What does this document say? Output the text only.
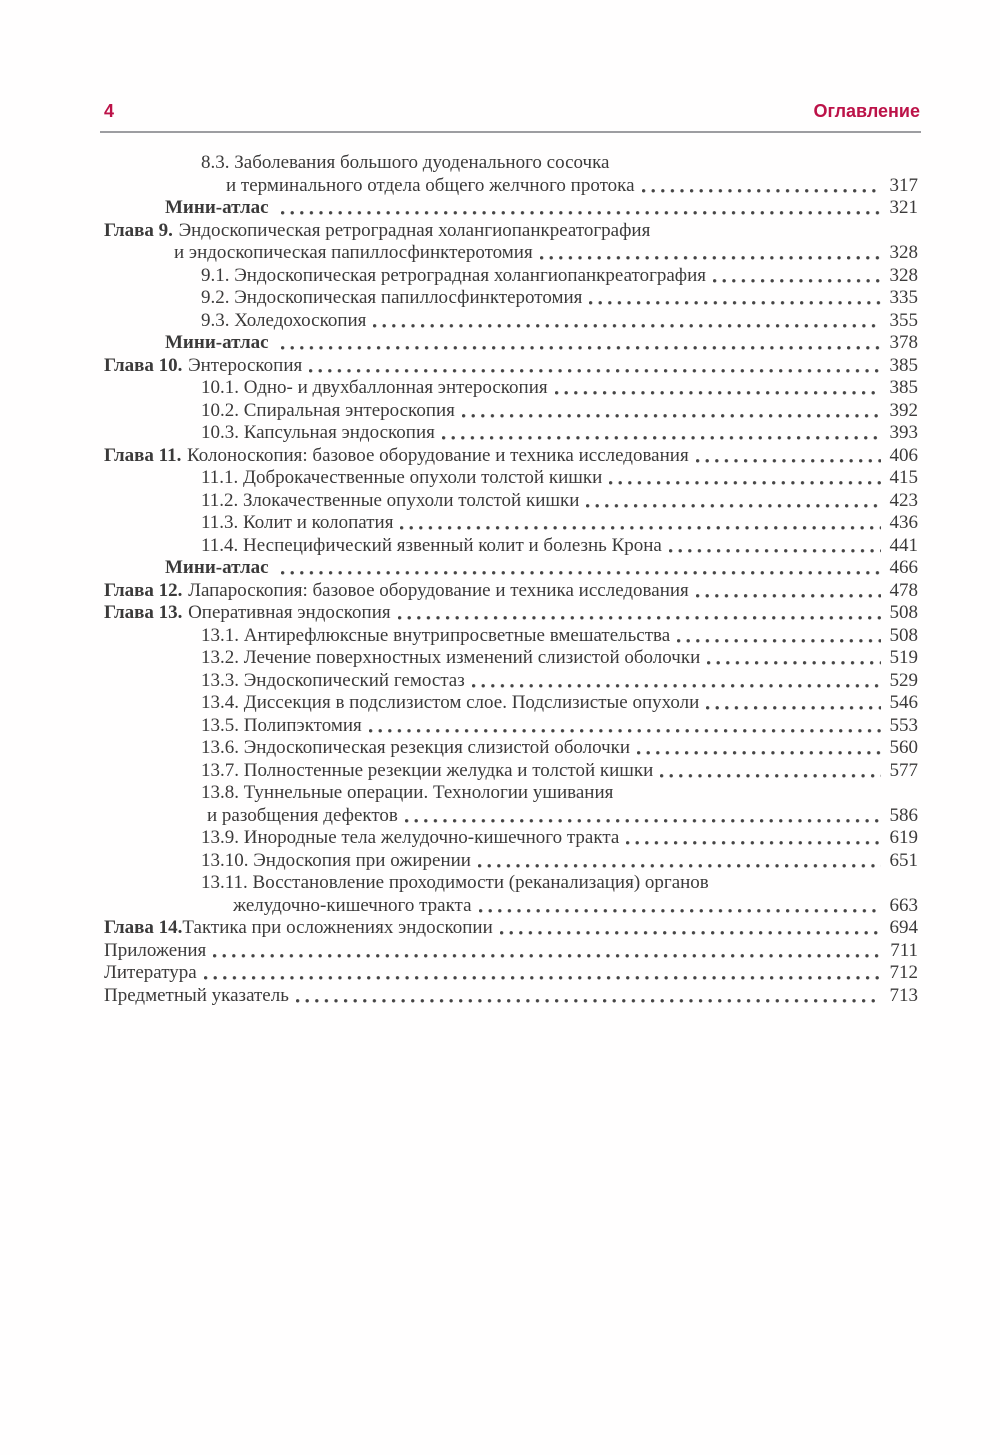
4	Оглавление
8.3. Заболевания большого дуоденального сосочка
и терминального отдела общего желчного протока	317
Мини-атлас	321
Глава 9. Эндоскопическая ретроградная холангиопанкреатография
и эндоскопическая папиллосфинктеротомия	328
9.1. Эндоскопическая ретроградная холангиопанкреатография	328
9.2. Эндоскопическая папиллосфинктеротомия	335
9.3. Холедохоскопия	355
Мини-атлас	378
Глава 10. Энтероскопия	385
10.1. Одно- и двухбаллонная энтероскопия	385
10.2. Спиральная энтероскопия	392
10.3. Капсульная эндоскопия	393
Глава 11. Колоноскопия: базовое оборудование и техника исследования	406
11.1. Доброкачественные опухоли толстой кишки	415
11.2. Злокачественные опухоли толстой кишки	423
11.3. Колит и колопатия	436
11.4. Неспецифический язвенный колит и болезнь Крона	441
Мини-атлас	466
Глава 12. Лапароскопия: базовое оборудование и техника исследования	478
Глава 13. Оперативная эндоскопия	508
13.1. Антирефлюксные внутрипросветные вмешательства	508
13.2. Лечение поверхностных изменений слизистой оболочки	519
13.3. Эндоскопический гемостаз	529
13.4. Диссекция в подслизистом слое. Подслизистые опухоли	546
13.5. Полипэктомия	553
13.6. Эндоскопическая резекция слизистой оболочки	560
13.7. Полностенные резекции желудка и толстой кишки	577
13.8. Туннельные операции. Технологии ушивания
и разобщения дефектов	586
13.9. Инородные тела желудочно-кишечного тракта	619
13.10. Эндоскопия при ожирении	651
13.11. Восстановление проходимости (реканализация) органов
желудочно-кишечного тракта	663
Глава 14. Тактика при осложнениях эндоскопии	694
Приложения	711
Литература	712
Предметный указатель	713
